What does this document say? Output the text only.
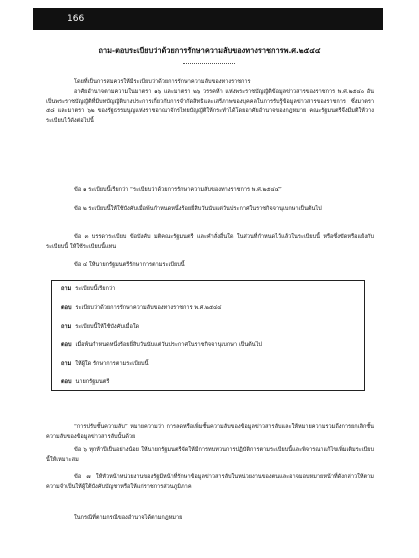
166
ถาม-ตอบระเบียบว่าด้วยการรักษาความลับของทางราชการพ.ศ.๒๕๔๔

โดยที่เป็นการสมควรให้มีระเบียบว่าด้วยการรักษาความลับของทางราชการ

อาศัยอำนาจตามความในมาตรา ๑๖ และมาตรา ๒๖ วรรคห้า แห่งพระราชบัญญัติข้อมูลข่าวสารของราชการ พ.ศ.๒๕๔๐ อันเป็นพระราชบัญญัติที่มีบทบัญญัติบางประการเกี่ยวกับการจำกัดสิทธิและเสรีภาพของบุคคลในการรับรู้ข้อมูลข่าวสารของราชการ ซึ่งมาตรา ๕๘ และมาตรา ๖๒ ของรัฐธรรมนูญแห่งราชอาณาจักรไทยบัญญัติให้กระทำได้โดยอาศัยอำนาจของกฎหมาย คณะรัฐมนตรีจึงมีมติให้วางระเบียบไว้ดังต่อไปนี้

ข้อ ๑ ระเบียบนี้เรียกว่า “ระเบียบว่าด้วยการรักษาความลับของทางราชการ พ.ศ.๒๕๔๔”

ข้อ ๒ ระเบียบนี้ให้ใช้บังคับเมื่อพ้นกำหนดหนึ่งร้อยยี่สิบวันนับแต่วันประกาศในราชกิจจานุเบกษาเป็นต้นไป

ข้อ ๓ บรรดาระเบียบ ข้อบังคับ มติคณะรัฐมนตรี และคำสั่งอื่นใด ในส่วนที่กำหนดไว้แล้วในระเบียบนี้ หรือซึ่งขัดหรือแย้งกับระเบียบนี้ ให้ใช้ระเบียบนี้แทน

ข้อ ๔ ให้นายกรัฐมนตรีรักษาการตามระเบียบนี้

ถาม ระเบียบนี้เรียกว่า
ตอบ ระเบียบว่าด้วยการรักษาความลับของทางราชการ พ.ศ.๒๕๔๔
ถาม ระเบียบนี้ให้ใช้บังคับเมื่อใด
ตอบ เมื่อพ้นกำหนดหนึ่งร้อยยี่สิบวันนับแต่วันประกาศในราชกิจจานุเบกษา เป็นต้นไป
ถาม ให้ผู้ใด รักษาการตามระเบียบนี้
ตอบ นายกรัฐมนตรี

“การปรับชั้นความลับ” หมายความว่า การลดหรือเพิ่มชั้นความลับของข้อมูลข่าวสารลับและให้หมายความรวมถึงการยกเลิกชั้นความลับของข้อมูลข่าวสารลับนั้นด้วย

ข้อ ๖ ทุกห้าปีเป็นอย่างน้อย ให้นายกรัฐมนตรีจัดให้มีการทบทวนการปฏิบัติการตามระเบียบนี้และพิจารณาแก้ไขเพิ่มเติมระเบียบนี้ให้เหมาะสม

ข้อ ๗ ให้หัวหน้าหน่วยงานของรัฐมีหน้าที่รักษาข้อมูลข่าวสารลับในหน่วยงานของตนและอาจมอบหมายหน้าที่ดังกล่าวให้ตามความจำเป็นให้ผู้ใต้บังคับบัญชาหรือให้แก่ราชการส่วนภูมิภาค

ในกรณีที่ตามกรณีของอำนาจได้ตามกฎหมาย
